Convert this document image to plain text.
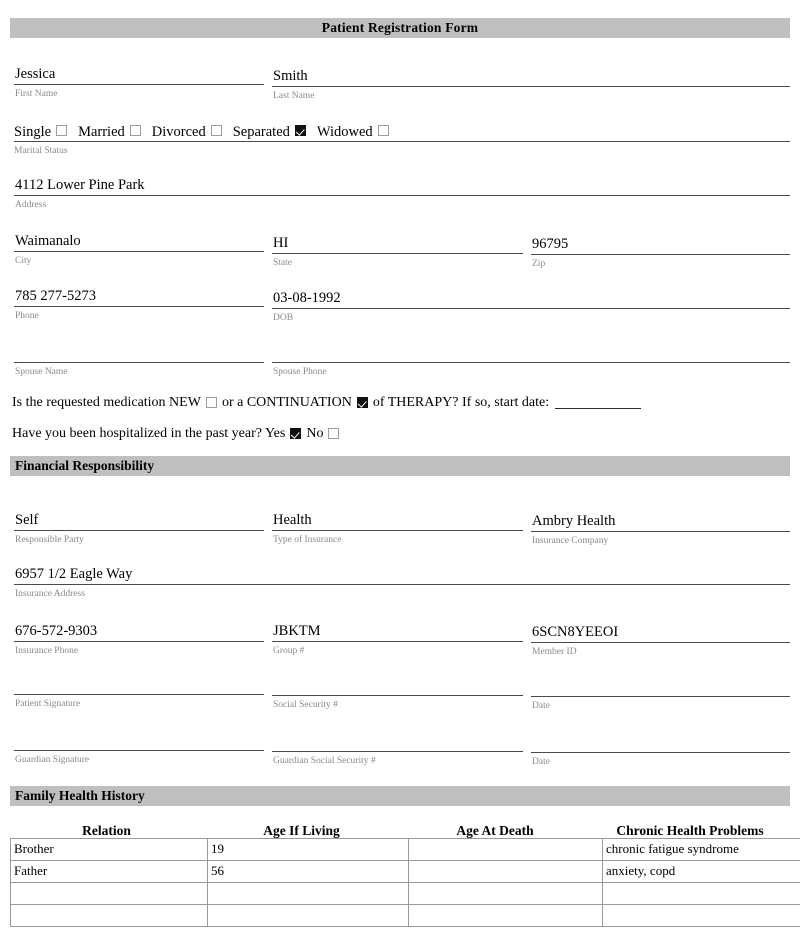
Patient Registration Form
Jessica
First Name
Smith
Last Name
Single Married Divorced Separated Widowed
Marital Status
4112 Lower Pine Park
Address
Waimanalo
City
HI
State
96795
Zip
785 277-5273
Phone
03-08-1992
DOB
Spouse Name	Spouse Phone
Is the requested medication NEW or a CONTINUATION of THERAPY? If so, start date:
Have you been hospitalized in the past year? Yes No
Financial Responsibility
Self
Responsible Party
Health
Type of Insurance
Ambry Health
Insurance Company
6957 1/2 Eagle Way
Insurance Address
676-572-9303
Insurance Phone
JBKTM
Group #
6SCN8YEEOI
Member ID
Patient Signature	Social Security #	Date
Guardian Signature	Guardian Social Security #	Date
Family Health History
Relation	Age If Living	Age At Death	Chronic Health Problems
Brother	19		chronic fatigue syndrome
Father	56		anxiety, copd
